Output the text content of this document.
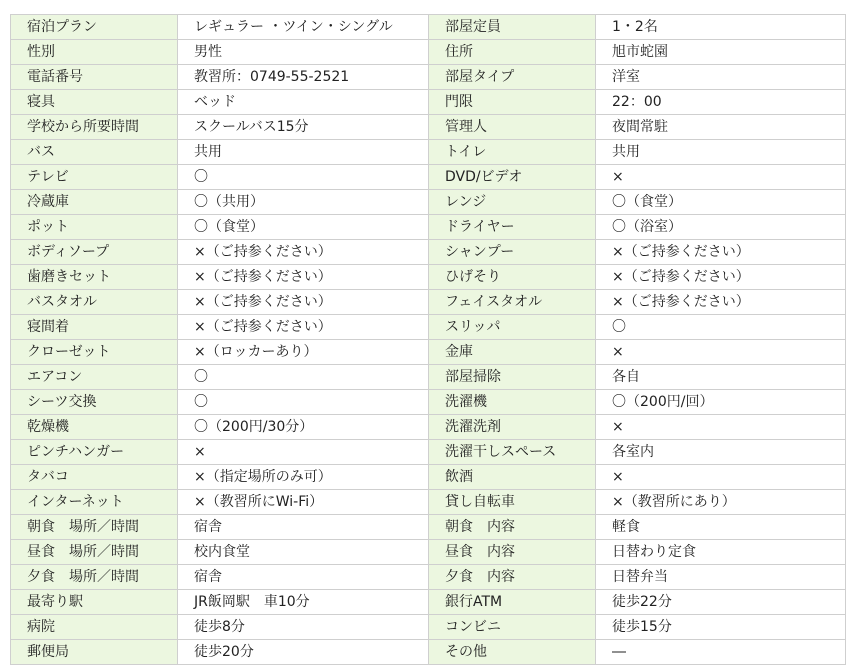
宿泊プラン	レギュラー ・ツイン・シングル	部屋定員	1・2名
性別	男性	住所	旭市蛇園
電話番号	教習所：0749-55-2521	部屋タイプ	洋室
寝具	ベッド	門限	22：00
学校から所要時間	スクールバス15分	管理人	夜間常駐
バス	共用	トイレ	共用
テレビ	〇	DVD/ビデオ	×
冷蔵庫	〇（共用）	レンジ	〇（食堂）
ポット	〇（食堂）	ドライヤー	〇（浴室）
ボディソープ	×（ご持参ください）	シャンプー	×（ご持参ください）
歯磨きセット	×（ご持参ください）	ひげそり	×（ご持参ください）
バスタオル	×（ご持参ください）	フェイスタオル	×（ご持参ください）
寝間着	×（ご持参ください）	スリッパ	〇
クローゼット	×（ロッカーあり）	金庫	×
エアコン	〇	部屋掃除	各自
シーツ交換	〇	洗濯機	〇（200円/回）
乾燥機	〇（200円/30分）	洗濯洗剤	×
ピンチハンガー	×	洗濯干しスペース	各室内
タバコ	×（指定場所のみ可）	飲酒	×
インターネット	×（教習所にWi-Fi）	貸し自転車	×（教習所にあり）
朝食　場所／時間	宿舎	朝食　内容	軽食
昼食　場所／時間	校内食堂	昼食　内容	日替わり定食
夕食　場所／時間	宿舎	夕食　内容	日替弁当
最寄り駅	JR飯岡駅　車10分	銀行ATM	徒歩22分
病院	徒歩8分	コンビニ	徒歩15分
郵便局	徒歩20分	その他	―
